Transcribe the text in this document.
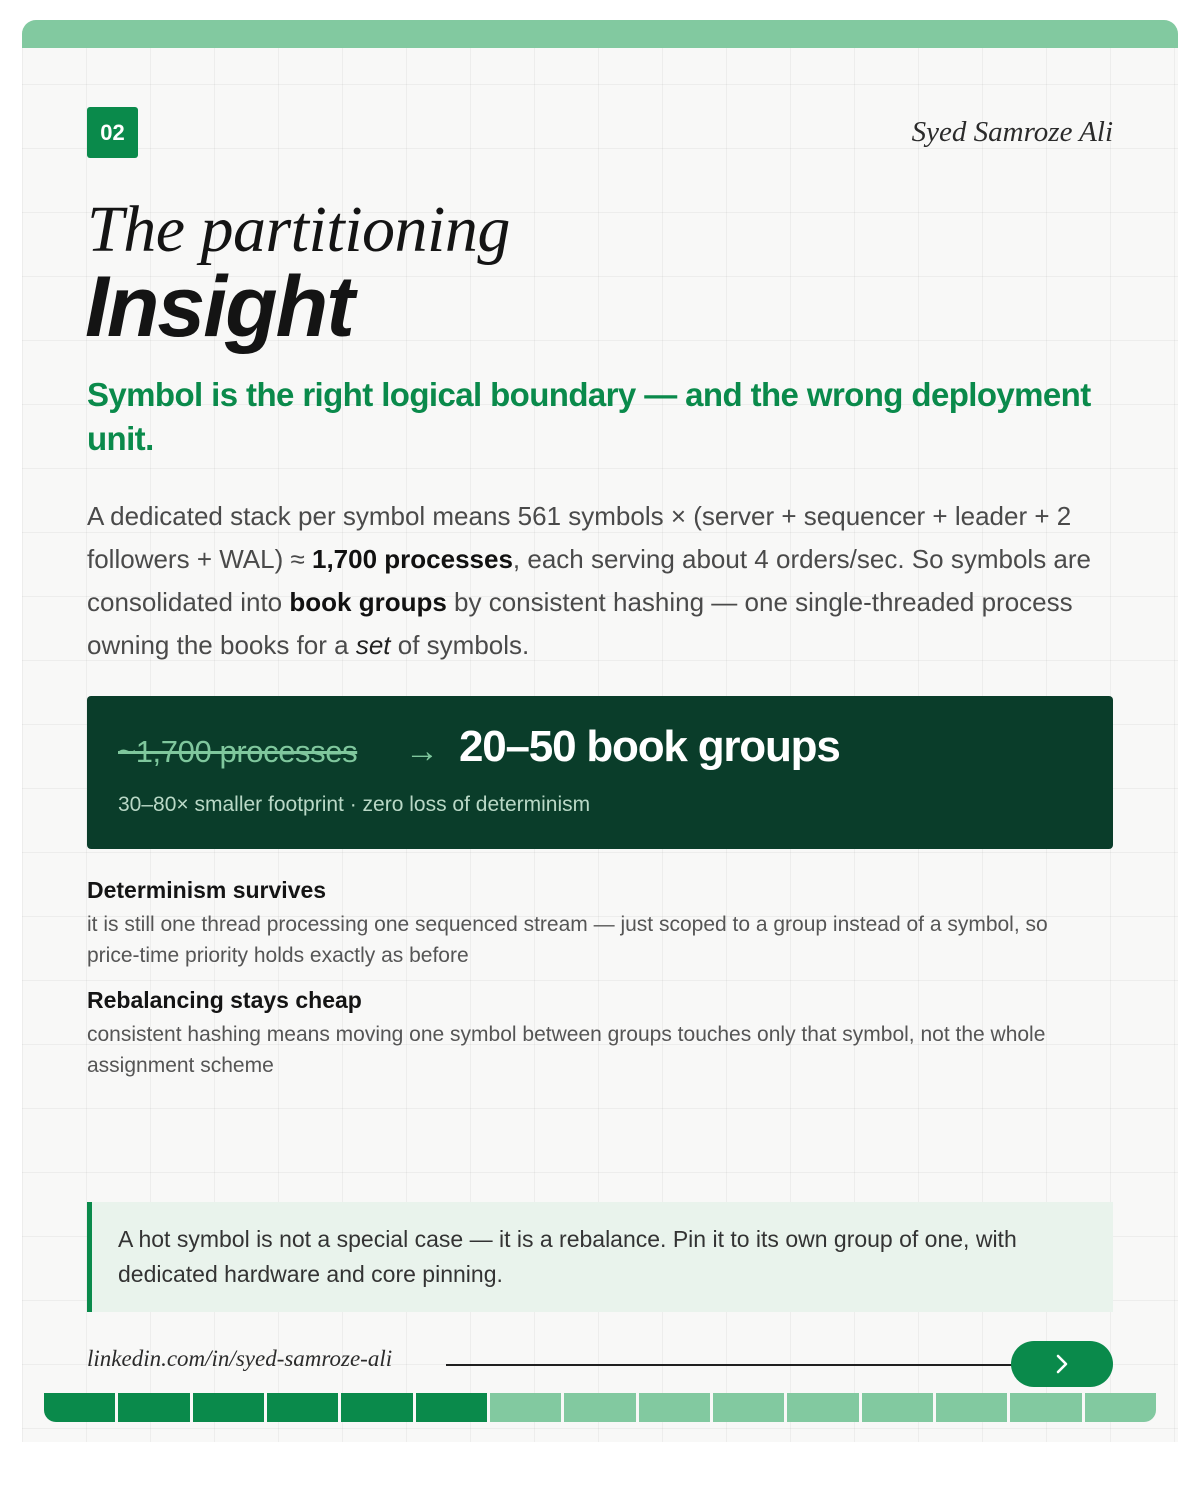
02	Syed Samroze Ali
The partitioning
Insight
Symbol is the right logical boundary — and the wrong deployment unit.
A dedicated stack per symbol means 561 symbols × (server + sequencer + leader + 2 followers + WAL) ≈ 1,700 processes, each serving about 4 orders/sec. So symbols are consolidated into book groups by consistent hashing — one single-threaded process owning the books for a set of symbols.
~1,700 processes → 20–50 book groups
30–80× smaller footprint · zero loss of determinism
Determinism survives
it is still one thread processing one sequenced stream — just scoped to a group instead of a symbol, so price-time priority holds exactly as before
Rebalancing stays cheap
consistent hashing means moving one symbol between groups touches only that symbol, not the whole assignment scheme
A hot symbol is not a special case — it is a rebalance. Pin it to its own group of one, with dedicated hardware and core pinning.
linkedin.com/in/syed-samroze-ali
